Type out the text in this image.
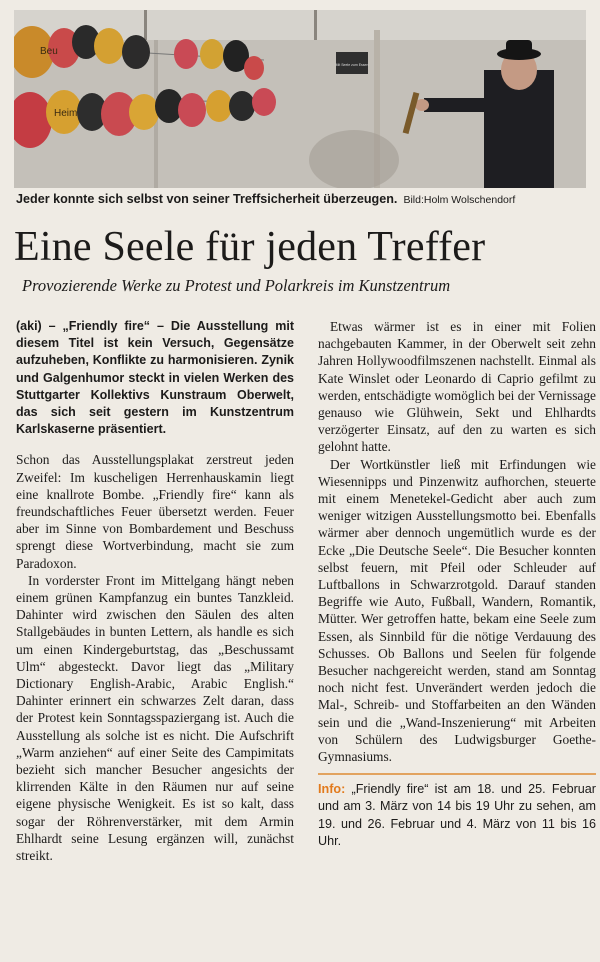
Mit Seele zum Essen
Beu
Heim
Jeder konnte sich selbst von seiner Treffsicherheit überzeugen. Bild:Holm Wolschendorf
Eine Seele für jeden Treffer
Provozierende Werke zu Protest und Polarkreis im Kunstzentrum

(aki) – „Friendly fire“ – Die Ausstellung mit diesem Titel ist kein Versuch, Gegensätze aufzuheben, Konflikte zu harmonisieren. Zynik und Galgenhumor steckt in vielen Werken des Stuttgarter Kollektivs Kunstraum Oberwelt, das sich seit gestern im Kunstzentrum Karlskaserne präsentiert.

Schon das Ausstellungsplakat zerstreut jeden Zweifel: Im kuscheligen Herrenhauskamin liegt eine knallrote Bombe. „Friendly fire“ kann als freundschaftliches Feuer übersetzt werden. Feuer aber im Sinne von Bombardement und Beschuss sprengt diese Wortverbindung, macht sie zum Paradoxon.

In vorderster Front im Mittelgang hängt neben einem grünen Kampfanzug ein buntes Tanzkleid. Dahinter wird zwischen den Säulen des alten Stallgebäudes in bunten Lettern, als handle es sich um einen Kindergeburtstag, das „Beschussamt Ulm“ abgesteckt. Davor liegt das „Military Dictionary English-Arabic, Arabic English.“ Dahinter erinnert ein schwarzes Zelt daran, dass der Protest kein Sonntagsspaziergang ist. Auch die Ausstellung als solche ist es nicht. Die Aufschrift „Warm anziehen“ auf einer Seite des Campimitats bezieht sich mancher Besucher angesichts der klirrenden Kälte in den Räumen nur auf seine eigene physische Wenigkeit. Es ist so kalt, dass sogar der Röhrenverstärker, mit dem Armin Ehlhardt seine Lesung ergänzen will, zunächst streikt.

Etwas wärmer ist es in einer mit Folien nachgebauten Kammer, in der Oberwelt seit zehn Jahren Hollywoodfilmszenen nachstellt. Einmal als Kate Winslet oder Leonardo di Caprio gefilmt zu werden, entschädigte womöglich bei der Vernissage genauso wie Glühwein, Sekt und Ehlhardts verzögerter Einsatz, auf den zu warten es sich gelohnt hatte.

Der Wortkünstler ließ mit Erfindungen wie Wiesennipps und Pinzenwitz aufhorchen, steuerte mit einem Menetekel-Gedicht aber auch zum weniger witzigen Ausstellungsmotto bei. Ebenfalls wärmer aber dennoch ungemütlich wurde es der Ecke „Die Deutsche Seele“. Die Besucher konnten selbst feuern, mit Pfeil oder Schleuder auf Luftballons in Schwarzrotgold. Darauf standen Begriffe wie Auto, Fußball, Wandern, Romantik, Mütter. Wer getroffen hatte, bekam eine Seele zum Essen, als Sinnbild für die nötige Verdauung des Schusses. Ob Ballons und Seelen für folgende Besucher nachgereicht werden, stand am Sonntag noch nicht fest. Unverändert werden jedoch die Mal-, Schreib- und Stoffarbeiten an den Wänden sein und die „Wand-Inszenierung“ mit Arbeiten von Schülern des Ludwigsburger Goethe-Gymnasiums.

Info: „Friendly fire“ ist am 18. und 25. Februar und am 3. März von 14 bis 19 Uhr zu sehen, am 19. und 26. Februar und 4. März von 11 bis 16 Uhr.
